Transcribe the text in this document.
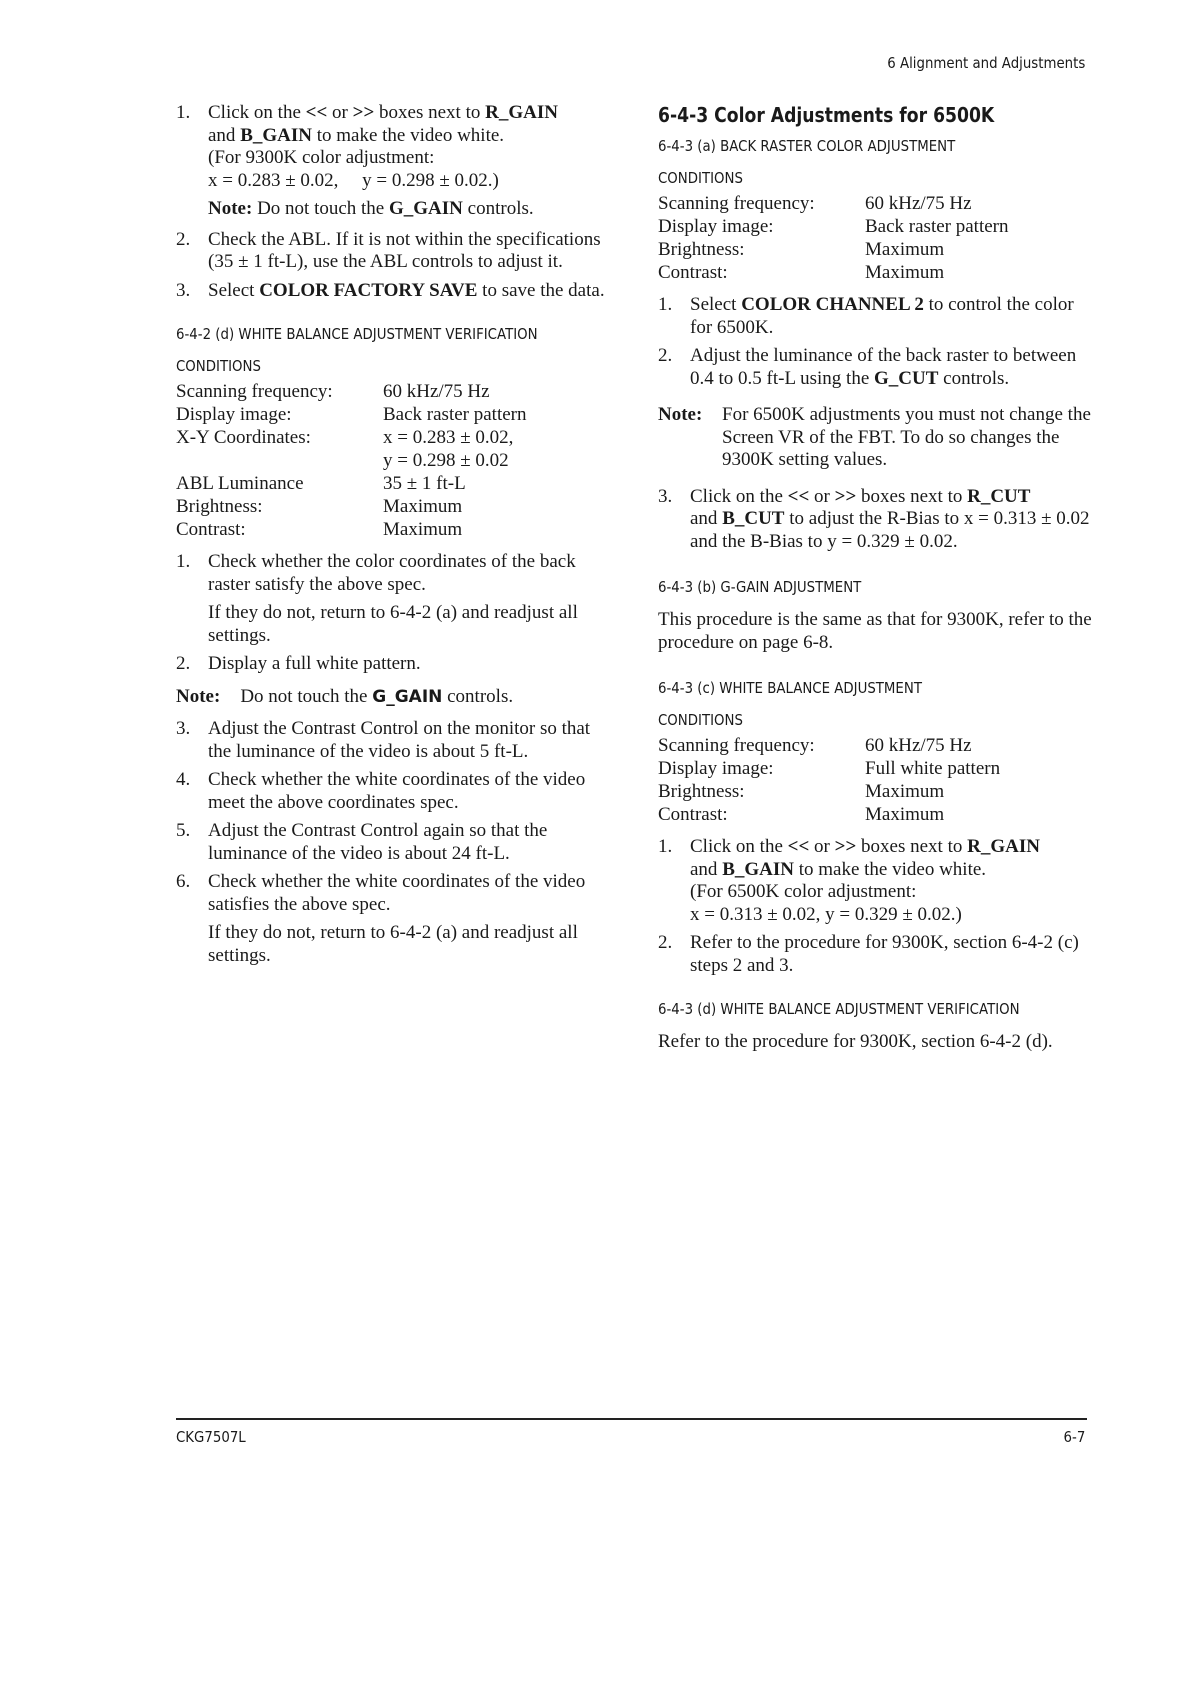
6 Alignment and Adjustments
1. Click on the << or >> boxes next to R_GAIN
and B_GAIN to make the video white.
(For 9300K color adjustment:
x = 0.283 ± 0.02,     y = 0.298 ± 0.02.)
Note: Do not touch the G_GAIN controls.
2. Check the ABL. If it is not within the specifications (35 ± 1 ft-L), use the ABL controls to adjust it.
3. Select COLOR FACTORY SAVE to save the data.
6-4-2 (d) WHITE BALANCE ADJUSTMENT VERIFICATION
CONDITIONS
Scanning frequency:	60 kHz/75 Hz
Display image:	Back raster pattern
X-Y Coordinates:	x = 0.283 ± 0.02,
	y = 0.298 ± 0.02
ABL Luminance	35 ± 1 ft-L
Brightness:	Maximum
Contrast:	Maximum
1. Check whether the color coordinates of the back raster satisfy the above spec.
If they do not, return to 6-4-2 (a) and readjust all settings.
2. Display a full white pattern.
Note: Do not touch the G_GAIN controls.
3. Adjust the Contrast Control on the monitor so that the luminance of the video is about 5 ft-L.
4. Check whether the white coordinates of the video meet the above coordinates spec.
5. Adjust the Contrast Control again so that the luminance of the video is about 24 ft-L.
6. Check whether the white coordinates of the video satisfies the above spec.
If they do not, return to 6-4-2 (a) and readjust all settings.
6-4-3 Color Adjustments for 6500K
6-4-3 (a) BACK RASTER COLOR ADJUSTMENT
CONDITIONS
Scanning frequency:	60 kHz/75 Hz
Display image:	Back raster pattern
Brightness:	Maximum
Contrast:	Maximum
1. Select COLOR CHANNEL 2 to control the color for 6500K.
2. Adjust the luminance of the back raster to between 0.4 to 0.5 ft-L using the G_CUT controls.
Note: For 6500K adjustments you must not change the Screen VR of the FBT. To do so changes the 9300K setting values.
3. Click on the << or >> boxes next to R_CUT
and B_CUT to adjust the R-Bias to x = 0.313 ± 0.02 and the B-Bias to y = 0.329 ± 0.02.
6-4-3 (b) G-GAIN ADJUSTMENT
This procedure is the same as that for 9300K, refer to the procedure on page 6-8.
6-4-3 (c) WHITE BALANCE ADJUSTMENT
CONDITIONS
Scanning frequency:	60 kHz/75 Hz
Display image:	Full white pattern
Brightness:	Maximum
Contrast:	Maximum
1. Click on the << or >> boxes next to R_GAIN
and B_GAIN to make the video white.
(For 6500K color adjustment:
x = 0.313 ± 0.02, y = 0.329 ± 0.02.)
2. Refer to the procedure for 9300K, section 6-4-2 (c) steps 2 and 3.
6-4-3 (d) WHITE BALANCE ADJUSTMENT VERIFICATION
Refer to the procedure for 9300K, section 6-4-2 (d).
CKG7507L	6-7
